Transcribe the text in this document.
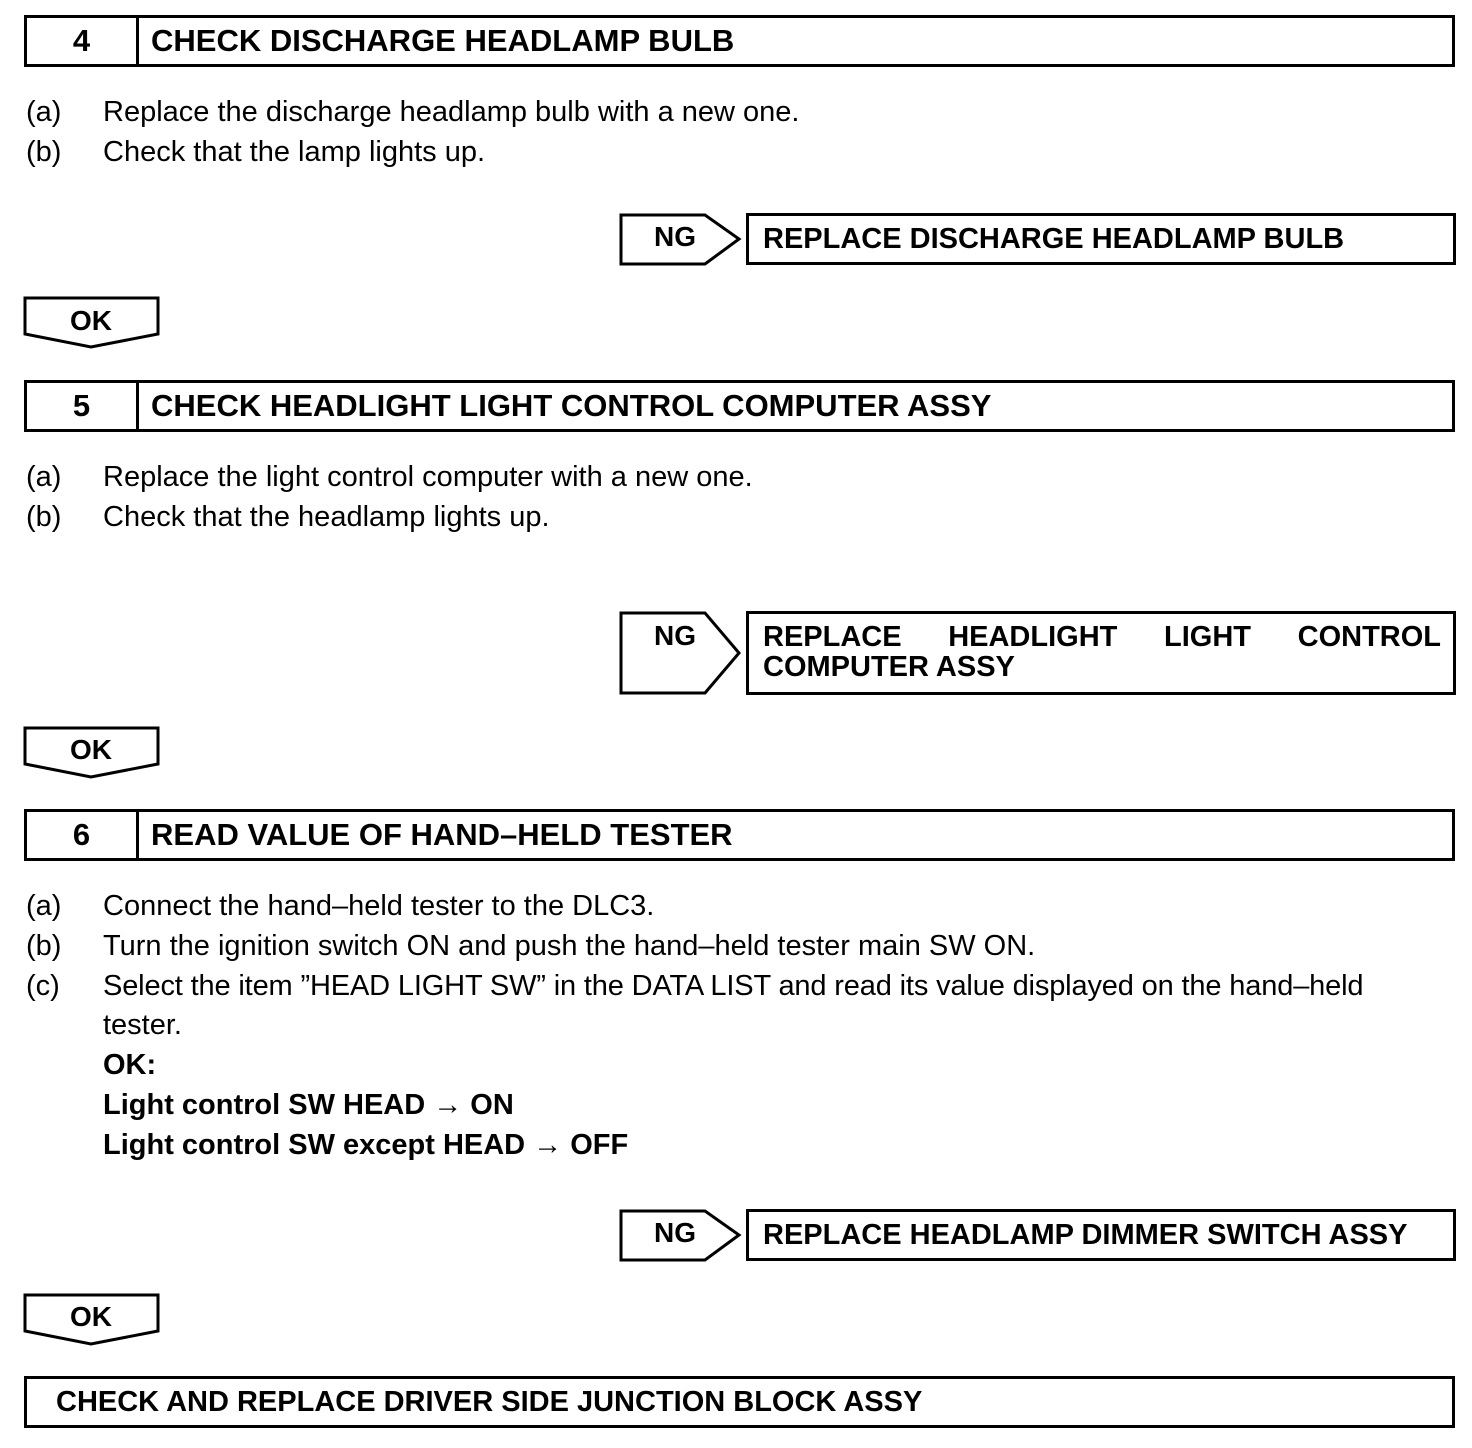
4	CHECK DISCHARGE HEADLAMP BULB
(a) Replace the discharge headlamp bulb with a new one.
(b) Check that the lamp lights up.
NG	REPLACE DISCHARGE HEADLAMP BULB
OK
5	CHECK HEADLIGHT LIGHT CONTROL COMPUTER ASSY
(a) Replace the light control computer with a new one.
(b) Check that the headlamp lights up.
NG	REPLACE HEADLIGHT LIGHT CONTROL COMPUTER ASSY
OK
6	READ VALUE OF HAND–HELD TESTER
(a) Connect the hand–held tester to the DLC3.
(b) Turn the ignition switch ON and push the hand–held tester main SW ON.
(c) Select the item ”HEAD LIGHT SW” in the DATA LIST and read its value displayed on the hand–held
tester.
OK:
Light control SW HEAD → ON
Light control SW except HEAD → OFF
NG	REPLACE HEADLAMP DIMMER SWITCH ASSY
OK
CHECK AND REPLACE DRIVER SIDE JUNCTION BLOCK ASSY
